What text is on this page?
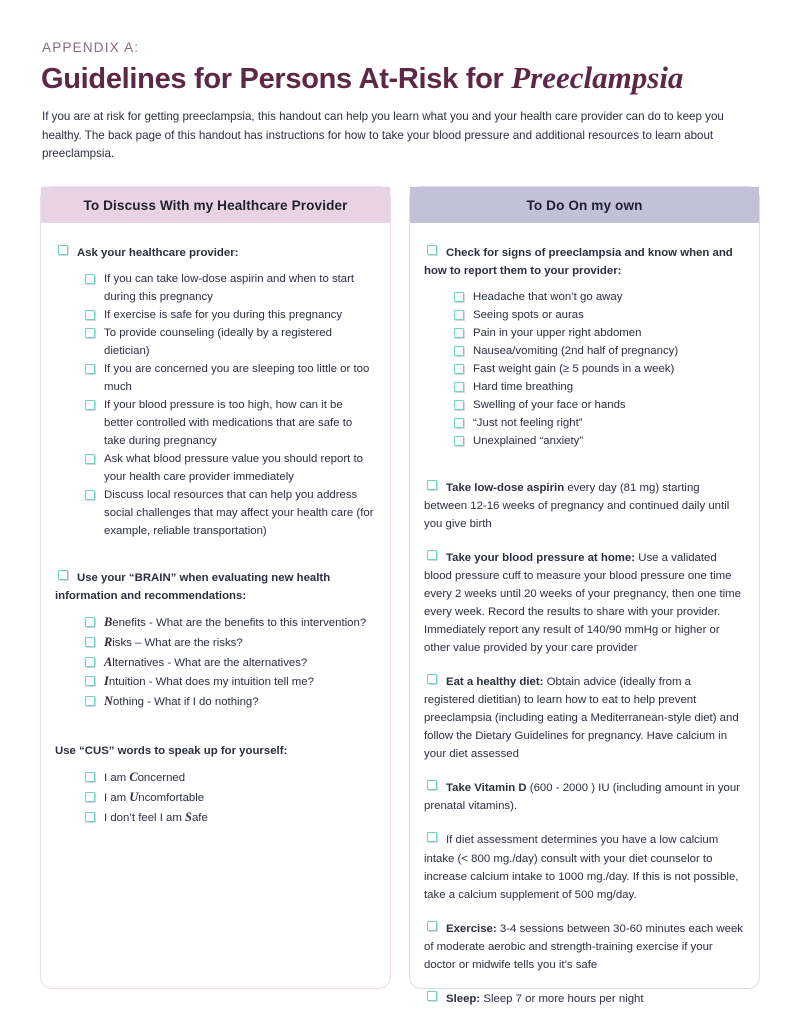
APPENDIX A:
Guidelines for Persons At-Risk for Preeclampsia

If you are at risk for getting preeclampsia, this handout can help you learn what you and your health care provider can do to keep you healthy. The back page of this handout has instructions for how to take your blood pressure and additional resources to learn about preeclampsia.

To Discuss With my Healthcare Provider
Ask your healthcare provider:
If you can take low-dose aspirin and when to start during this pregnancy
If exercise is safe for you during this pregnancy
To provide counseling (ideally by a registered dietician)
If you are concerned you are sleeping too little or too much
If your blood pressure is too high, how can it be better controlled with medications that are safe to take during pregnancy
Ask what blood pressure value you should report to your health care provider immediately
Discuss local resources that can help you address social challenges that may affect your health care (for example, reliable transportation)
Use your “BRAIN” when evaluating new health information and recommendations:
Benefits - What are the benefits to this intervention?
Risks – What are the risks?
Alternatives - What are the alternatives?
Intuition - What does my intuition tell me?
Nothing - What if I do nothing?
Use “CUS” words to speak up for yourself:
I am Concerned
I am Uncomfortable
I don’t feel I am Safe
To Do On my own
Check for signs of preeclampsia and know when and how to report them to your provider:
Headache that won’t go away
Seeing spots or auras
Pain in your upper right abdomen
Nausea/vomiting (2nd half of pregnancy)
Fast weight gain (≥ 5 pounds in a week)
Hard time breathing
Swelling of your face or hands
“Just not feeling right”
Unexplained “anxiety”
Take low-dose aspirin every day (81 mg) starting between 12-16 weeks of pregnancy and continued daily until you give birth
Take your blood pressure at home: Use a validated blood pressure cuff to measure your blood pressure one time every 2 weeks until 20 weeks of your pregnancy, then one time every week. Record the results to share with your provider. Immediately report any result of 140/90 mmHg or higher or other value provided by your care provider
Eat a healthy diet: Obtain advice (ideally from a registered dietitian) to learn how to eat to help prevent preeclampsia (including eating a Mediterranean-style diet) and follow the Dietary Guidelines for pregnancy. Have calcium in your diet assessed
Take Vitamin D (600 - 2000 ) IU (including amount in your prenatal vitamins).
If diet assessment determines you have a low calcium intake (< 800 mg./day) consult with your diet counselor to increase calcium intake to 1000 mg./day. If this is not possible, take a calcium supplement of 500 mg/day.
Exercise: 3-4 sessions between 30-60 minutes each week of moderate aerobic and strength-training exercise if your doctor or midwife tells you it’s safe
Sleep: Sleep 7 or more hours per night
